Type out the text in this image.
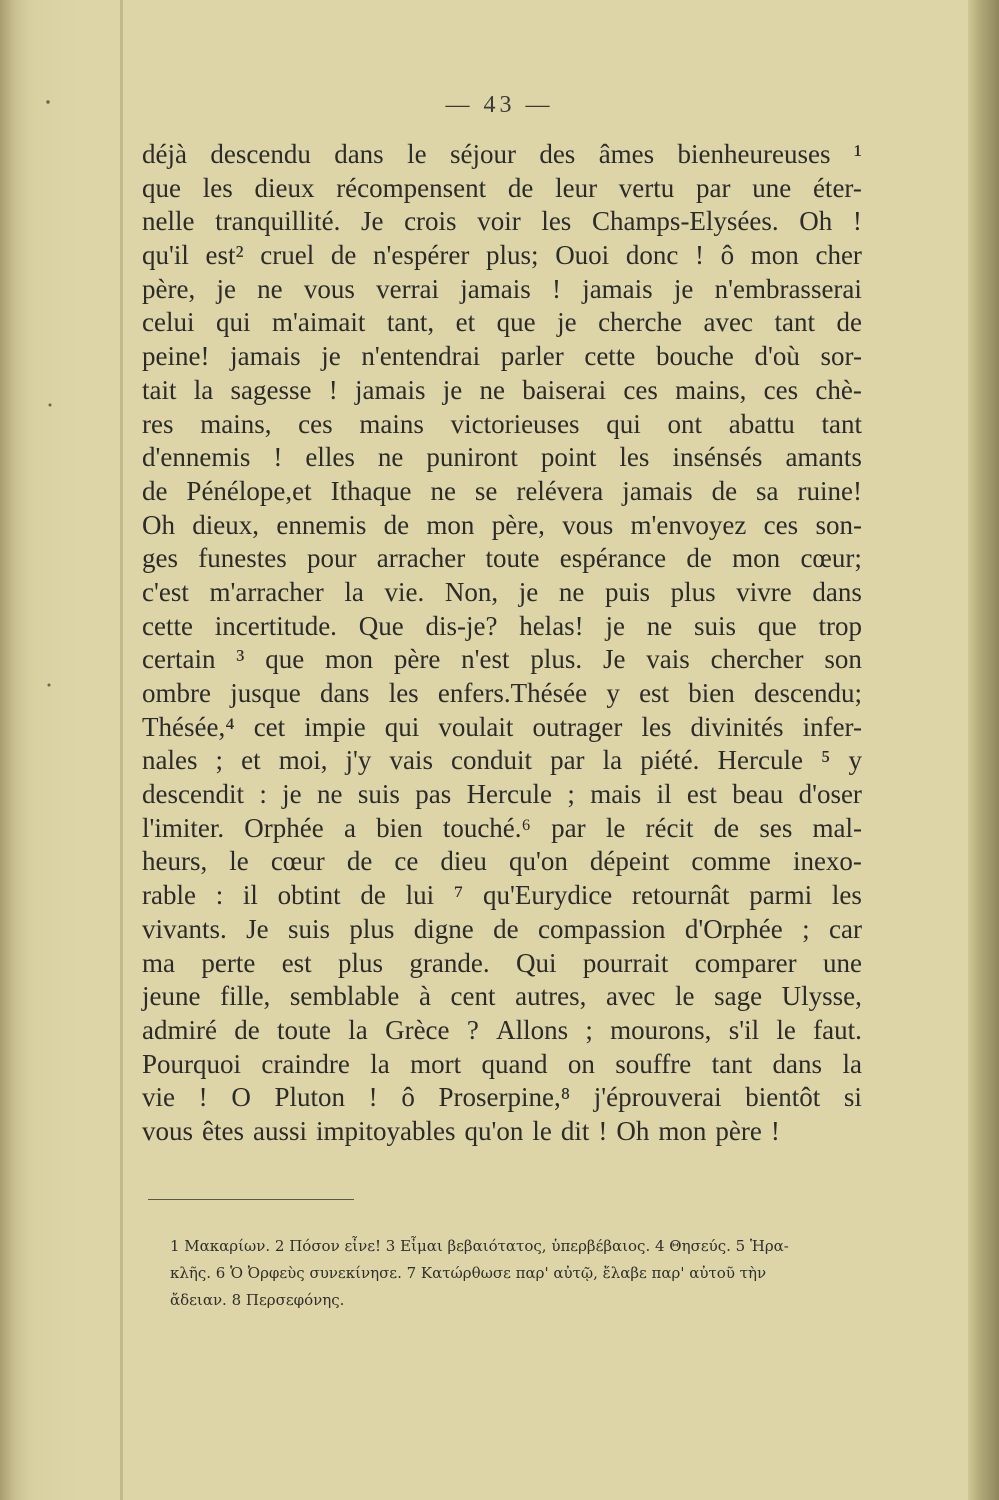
— 43 —
déjà descendu dans le séjour des âmes bienheureuses ¹
que les dieux récompensent de leur vertu par une éter-
nelle tranquillité. Je crois voir les Champs-Elysées. Oh !
qu'il est² cruel de n'espérer plus; Ouoi donc ! ô mon cher
père, je ne vous verrai jamais ! jamais je n'embrasserai
celui qui m'aimait tant, et que je cherche avec tant de
peine! jamais je n'entendrai parler cette bouche d'où sor-
tait la sagesse ! jamais je ne baiserai ces mains, ces chè-
res mains, ces mains victorieuses qui ont abattu tant
d'ennemis ! elles ne puniront point les insénsés amants
de Pénélope,et Ithaque ne se relévera jamais de sa ruine!
Oh dieux, ennemis de mon père, vous m'envoyez ces son-
ges funestes pour arracher toute espérance de mon cœur;
c'est m'arracher la vie. Non, je ne puis plus vivre dans
cette incertitude. Que dis-je? helas! je ne suis que trop
certain ³ que mon père n'est plus. Je vais chercher son
ombre jusque dans les enfers.Thésée y est bien descendu;
Thésée,⁴ cet impie qui voulait outrager les divinités infer-
nales ; et moi, j'y vais conduit par la piété. Hercule ⁵ y
descendit : je ne suis pas Hercule ; mais il est beau d'oser
l'imiter. Orphée a bien touché.⁶ par le récit de ses mal-
heurs, le cœur de ce dieu qu'on dépeint comme inexo-
rable : il obtint de lui ⁷ qu'Eurydice retournât parmi les
vivants. Je suis plus digne de compassion d'Orphée ; car
ma perte est plus grande. Qui pourrait comparer une
jeune fille, semblable à cent autres, avec le sage Ulysse,
admiré de toute la Grèce ? Allons ; mourons, s'il le faut.
Pourquoi craindre la mort quand on souffre tant dans la
vie ! O Pluton ! ô Proserpine,⁸ j'éprouverai bientôt si
vous êtes aussi impitoyables qu'on le dit ! Oh mon père !
1 Μακαρίων. 2 Πόσον εἶνε! 3 Εἶμαι βεβαιότατος, ὑπερβέβαιος. 4 Θησεύς. 5 Ἡρα-
κλῆς. 6 Ὁ Ὀρφεὺς συνεκίνησε. 7 Κατώρθωσε παρ' αὐτῷ, ἔλαβε παρ' αὐτοῦ τὴν
ἄδειαν. 8 Περσεφόνης.
